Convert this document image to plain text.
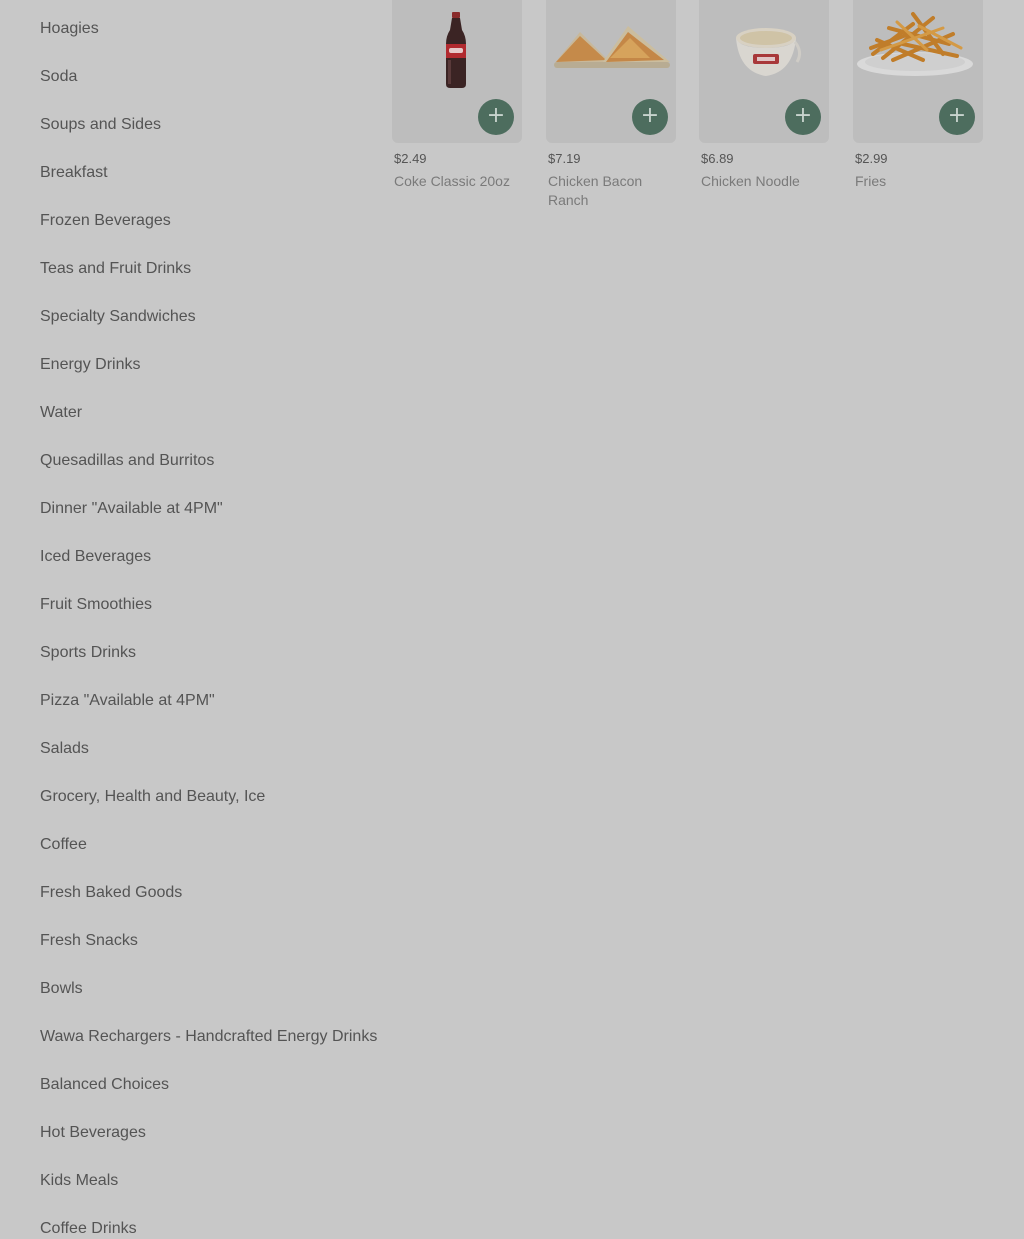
Hoagies
Soda
Soups and Sides
Breakfast
Frozen Beverages
Teas and Fruit Drinks
Specialty Sandwiches
Energy Drinks
Water
Quesadillas and Burritos
Dinner "Available at 4PM"
Iced Beverages
Fruit Smoothies
Sports Drinks
Pizza "Available at 4PM"
Salads
Grocery, Health and Beauty, Ice
Coffee
Fresh Baked Goods
Fresh Snacks
Bowls
Wawa Rechargers - Handcrafted Energy Drinks
Balanced Choices
Hot Beverages
Kids Meals
Coffee Drinks
+
$2.49
Coke Classic 20oz
+
$7.19
Chicken Bacon Ranch
+
$6.89
Chicken Noodle
+
$2.99
Fries
